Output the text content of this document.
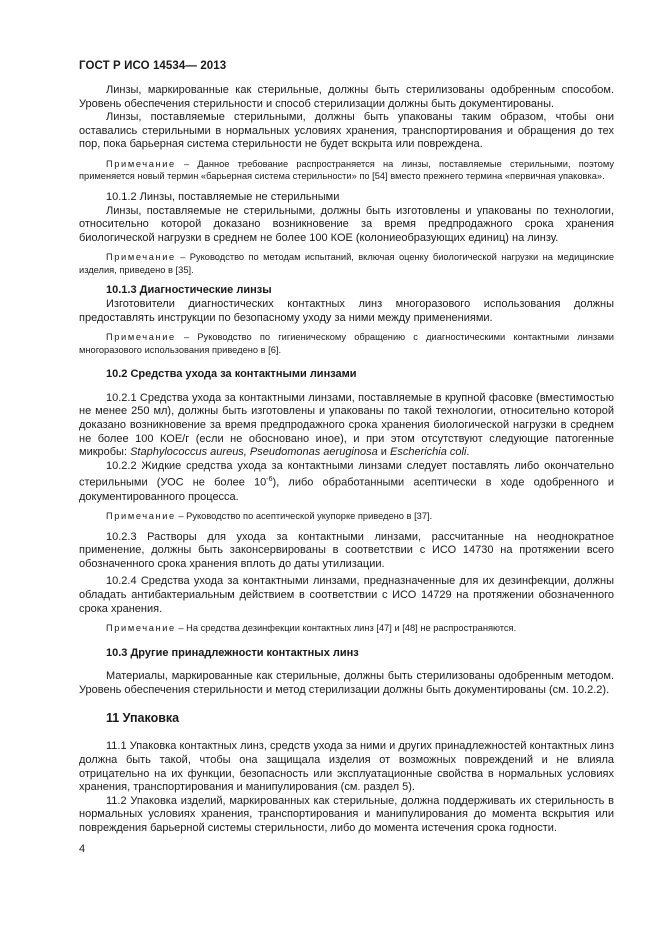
ГОСТ Р ИСО 14534— 2013

Линзы, маркированные как стерильные, должны быть стерилизованы одобренным способом. Уровень обеспечения стерильности и способ стерилизации должны быть документированы.

Линзы, поставляемые стерильными, должны быть упакованы таким образом, чтобы они оставались стерильными в нормальных условиях хранения, транспортирования и обращения до тех пор, пока барьерная система стерильности не будет вскрыта или повреждена.

Примечание – Данное требование распространяется на линзы, поставляемые стерильными, поэтому применяется новый термин «барьерная система стерильности» по [54] вместо прежнего термина «первичная упаковка».

10.1.2 Линзы, поставляемые не стерильными

Линзы, поставляемые не стерильными, должны быть изготовлены и упакованы по технологии, относительно которой доказано возникновение за время предпродажного срока хранения биологической нагрузки в среднем не более 100 КОЕ (колониеобразующих единиц) на линзу.

Примечание – Руководство по методам испытаний, включая оценку биологической нагрузки на медицинские изделия, приведено в [35].

10.1.3 Диагностические линзы

Изготовители диагностических контактных линз многоразового использования должны предоставлять инструкции по безопасному уходу за ними между применениями.

Примечание – Руководство по гигиеническому обращению с диагностическими контактными линзами многоразового использования приведено в [6].

10.2 Средства ухода за контактными линзами

10.2.1 Средства ухода за контактными линзами, поставляемые в крупной фасовке (вместимостью не менее 250 мл), должны быть изготовлены и упакованы по такой технологии, относительно которой доказано возникновение за время предпродажного срока хранения биологической нагрузки в среднем не более 100 КОЕ/г (если не обосновано иное), и при этом отсутствуют следующие патогенные микробы: Staphylococcus aureus, Pseudomonas aeruginosa и Escherichia coli.

10.2.2 Жидкие средства ухода за контактными линзами следует поставлять либо окончательно стерильными (УОС не более $10^{-6}$), либо обработанными асептически в ходе одобренного и документированного процесса.

Примечание – Руководство по асептической укупорке приведено в [37].

10.2.3 Растворы для ухода за контактными линзами, рассчитанные на неоднократное применение, должны быть законсервированы в соответствии с ИСО 14730 на протяжении всего обозначенного срока хранения вплоть до даты утилизации.

10.2.4 Средства ухода за контактными линзами, предназначенные для их дезинфекции, должны обладать антибактериальным действием в соответствии с ИСО 14729 на протяжении обозначенного срока хранения.

Примечание – На средства дезинфекции контактных линз [47] и [48] не распространяются.

10.3 Другие принадлежности контактных линз

Материалы, маркированные как стерильные, должны быть стерилизованы одобренным методом. Уровень обеспечения стерильности и метод стерилизации должны быть документированы (см. 10.2.2).

11 Упаковка

11.1 Упаковка контактных линз, средств ухода за ними и других принадлежностей контактных линз должна быть такой, чтобы она защищала изделия от возможных повреждений и не влияла отрицательно на их функции, безопасность или эксплуатационные свойства в нормальных условиях хранения, транспортирования и манипулирования (см. раздел 5).

11.2 Упаковка изделий, маркированных как стерильные, должна поддерживать их стерильность в нормальных условиях хранения, транспортирования и манипулирования до момента вскрытия или повреждения барьерной системы стерильности, либо до момента истечения срока годности.

4
